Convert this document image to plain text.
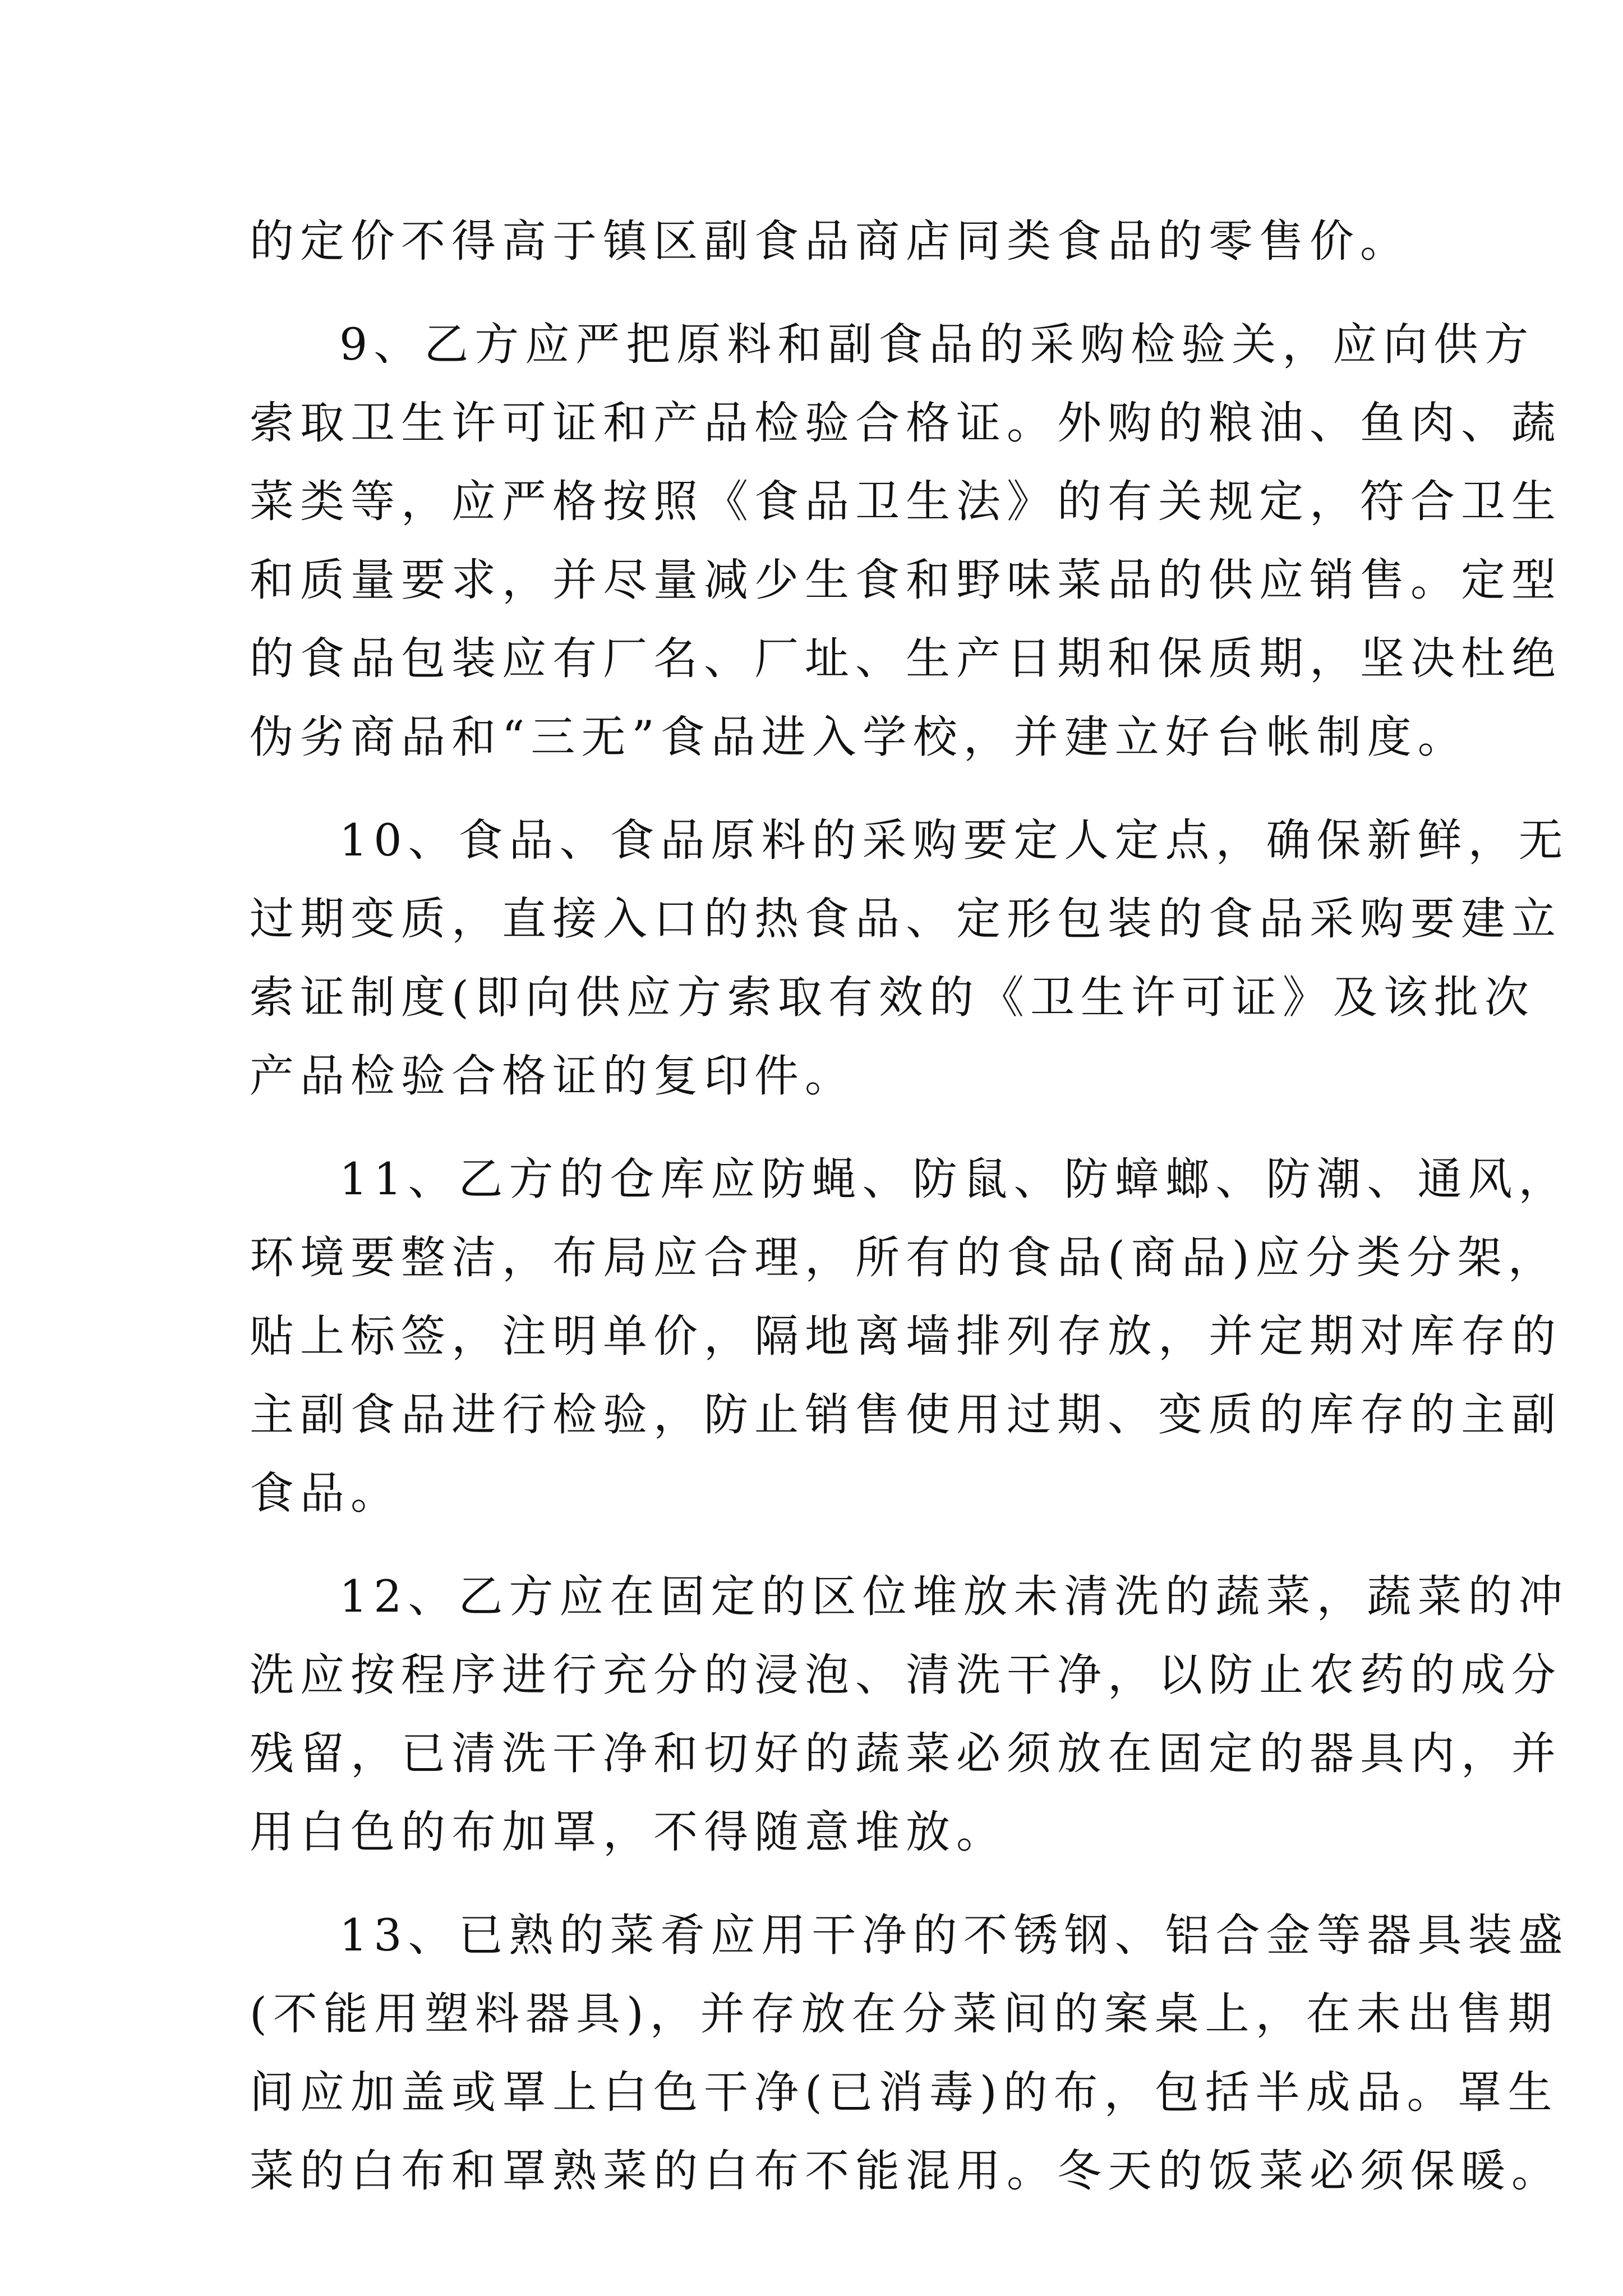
的定价不得高于镇区副食品商店同类食品的零售价。
9、乙方应严把原料和副食品的采购检验关，应向供方
索取卫生许可证和产品检验合格证。外购的粮油、鱼肉、蔬
菜类等，应严格按照《食品卫生法》的有关规定，符合卫生
和质量要求，并尽量减少生食和野味菜品的供应销售。定型
的食品包装应有厂名、厂址、生产日期和保质期，坚决杜绝
伪劣商品和“三无”食品进入学校，并建立好台帐制度。
10、食品、食品原料的采购要定人定点，确保新鲜，无
过期变质，直接入口的热食品、定形包装的食品采购要建立
索证制度(即向供应方索取有效的《卫生许可证》及该批次
产品检验合格证的复印件。
11、乙方的仓库应防蝇、防鼠、防蟑螂、防潮、通风，
环境要整洁，布局应合理，所有的食品(商品)应分类分架，
贴上标签，注明单价，隔地离墙排列存放，并定期对库存的
主副食品进行检验，防止销售使用过期、变质的库存的主副
食品。
12、乙方应在固定的区位堆放未清洗的蔬菜，蔬菜的冲
洗应按程序进行充分的浸泡、清洗干净，以防止农药的成分
残留，已清洗干净和切好的蔬菜必须放在固定的器具内，并
用白色的布加罩，不得随意堆放。
13、已熟的菜肴应用干净的不锈钢、铝合金等器具装盛
(不能用塑料器具)，并存放在分菜间的案桌上，在未出售期
间应加盖或罩上白色干净(已消毒)的布，包括半成品。罩生
菜的白布和罩熟菜的白布不能混用。冬天的饭菜必须保暖。
